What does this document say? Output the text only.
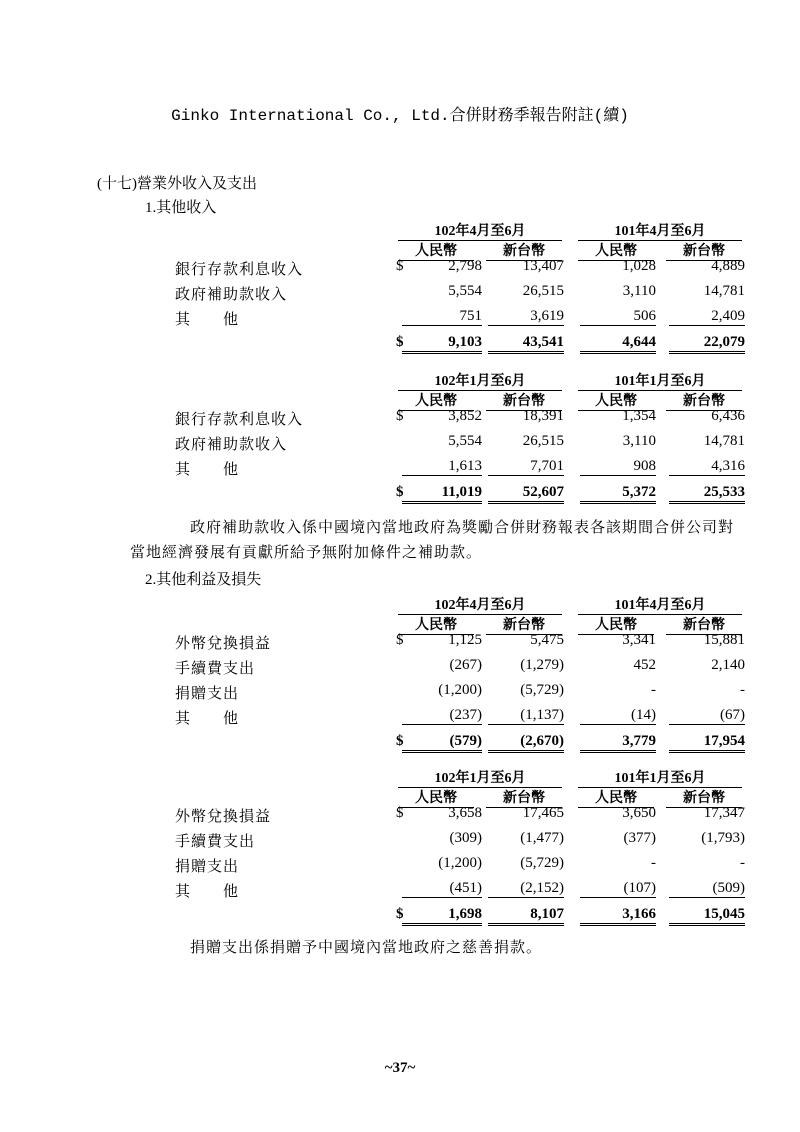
Ginko International Co., Ltd.合併財務季報告附註(續)
(十七)營業外收入及支出
1.其他收入
102年4月至6月	101年4月至6月
人民幣	新台幣	人民幣	新台幣
銀行存款利息收入	$	2,798	13,407	1,028	4,889
政府補助款收入	5,554	26,515	3,110	14,781
其　　他	751	3,619	506	2,409
$	9,103	43,541	4,644	22,079
102年1月至6月	101年1月至6月
人民幣	新台幣	人民幣	新台幣
銀行存款利息收入	$	3,852	18,391	1,354	6,436
政府補助款收入	5,554	26,515	3,110	14,781
其　　他	1,613	7,701	908	4,316
$	11,019	52,607	5,372	25,533
102年4月至6月	101年4月至6月
人民幣	新台幣	人民幣	新台幣
外幣兌換損益	$	1,125	5,475	3,341	15,881
手續費支出	(267)	(1,279)	452	2,140
捐贈支出	(1,200)	(5,729)	-	-
其　　他	(237)	(1,137)	(14)	(67)
$	(579)	(2,670)	3,779	17,954
102年1月至6月	101年1月至6月
人民幣	新台幣	人民幣	新台幣
外幣兌換損益	$	3,658	17,465	3,650	17,347
手續費支出	(309)	(1,477)	(377)	(1,793)
捐贈支出	(1,200)	(5,729)	-	-
其　　他	(451)	(2,152)	(107)	(509)
$	1,698	8,107	3,166	15,045
政府補助款收入係中國境內當地政府為獎勵合併財務報表各該期間合併公司對
當地經濟發展有貢獻所給予無附加條件之補助款。
2.其他利益及損失
捐贈支出係捐贈予中國境內當地政府之慈善捐款。
~37~
